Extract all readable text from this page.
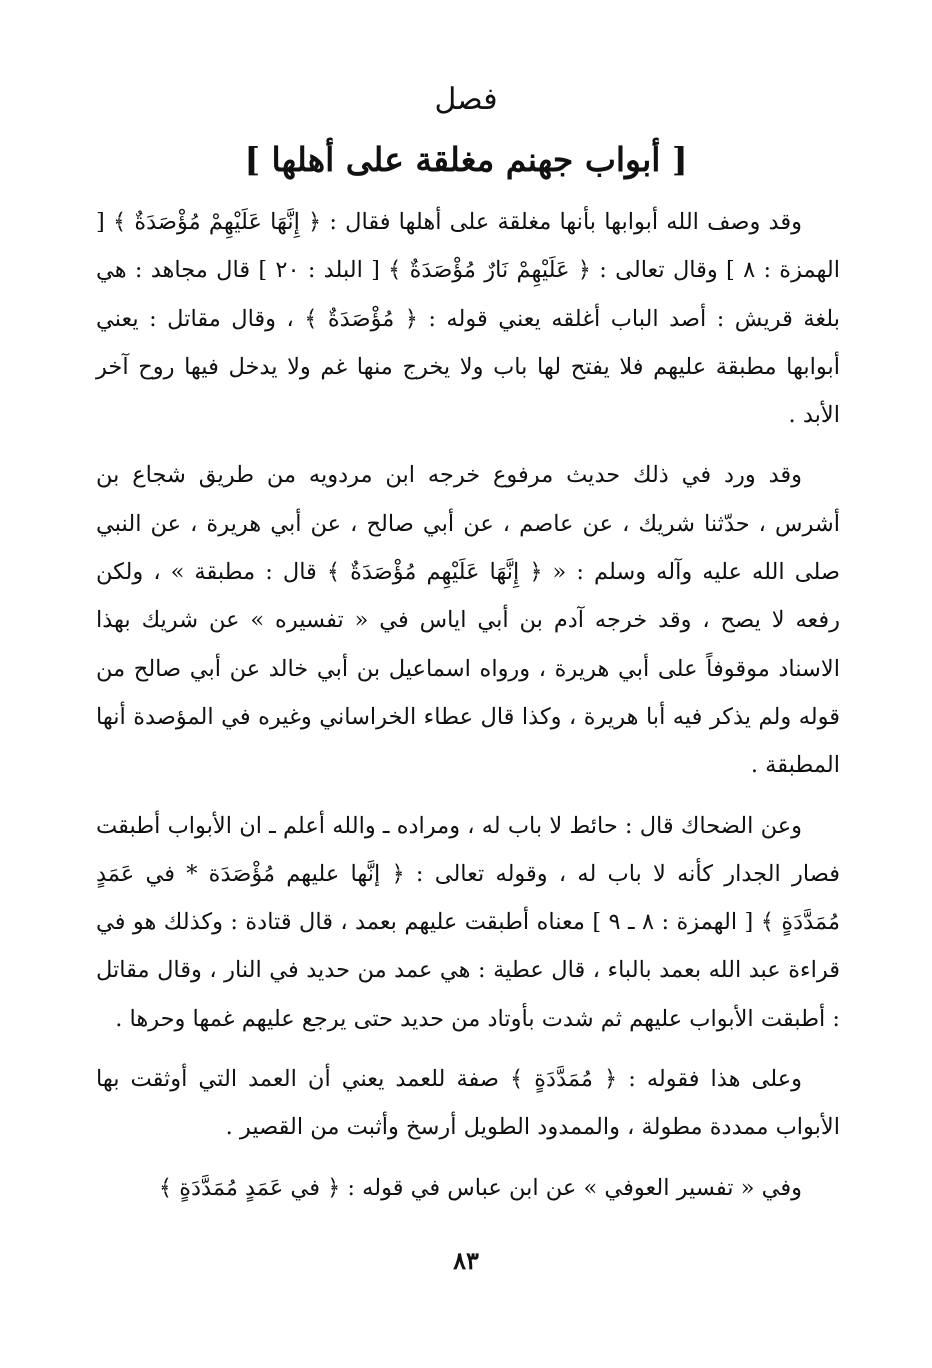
فصل
[ أبواب جهنم مغلقة على أهلها ]

وقد وصف الله أبوابها بأنها مغلقة على أهلها فقال : ﴿ إِنَّهَا عَلَيْهِمْ مُؤْصَدَةٌ ﴾ [ الهمزة : ٨ ] وقال تعالى : ﴿ عَلَيْهِمْ نَارٌ مُؤْصَدَةٌ ﴾ [ البلد : ٢٠ ] قال مجاهد : هي بلغة قريش : أصد الباب أغلقه يعني قوله : ﴿ مُؤْصَدَةٌ ﴾ ، وقال مقاتل : يعني أبوابها مطبقة عليهم فلا يفتح لها باب ولا يخرج منها غم ولا يدخل فيها روح آخر الأبد .

وقد ورد في ذلك حديث مرفوع خرجه ابن مردويه من طريق شجاع بن أشرس ، حدّثنا شريك ، عن عاصم ، عن أبي صالح ، عن أبي هريرة ، عن النبي صلى الله عليه وآله وسلم : « ﴿ إِنَّهَا عَلَيْهِم مُؤْصَدَةٌ ﴾ قال : مطبقة » ، ولكن رفعه لا يصح ، وقد خرجه آدم بن أبي اياس في « تفسيره » عن شريك بهذا الاسناد موقوفاً على أبي هريرة ، ورواه اسماعيل بن أبي خالد عن أبي صالح من قوله ولم يذكر فيه أبا هريرة ، وكذا قال عطاء الخراساني وغيره في المؤصدة أنها المطبقة .

وعن الضحاك قال : حائط لا باب له ، ومراده ـ والله أعلم ـ ان الأبواب أطبقت فصار الجدار كأنه لا باب له ، وقوله تعالى : ﴿ إنَّها عليهم مُؤْصَدَة * في عَمَدٍ مُمَدَّدَةٍ ﴾ [ الهمزة : ٨ ـ ٩ ] معناه أطبقت عليهم بعمد ، قال قتادة : وكذلك هو في قراءة عبد الله بعمد بالباء ، قال عطية : هي عمد من حديد في النار ، وقال مقاتل : أطبقت الأبواب عليهم ثم شدت بأوتاد من حديد حتى يرجع عليهم غمها وحرها .

وعلى هذا فقوله : ﴿ مُمَدَّدَةٍ ﴾ صفة للعمد يعني أن العمد التي أوثقت بها الأبواب ممددة مطولة ، والممدود الطويل أرسخ وأثبت من القصير .

وفي « تفسير العوفي » عن ابن عباس في قوله : ﴿ في عَمَدٍ مُمَدَّدَةٍ ﴾

٨٣
